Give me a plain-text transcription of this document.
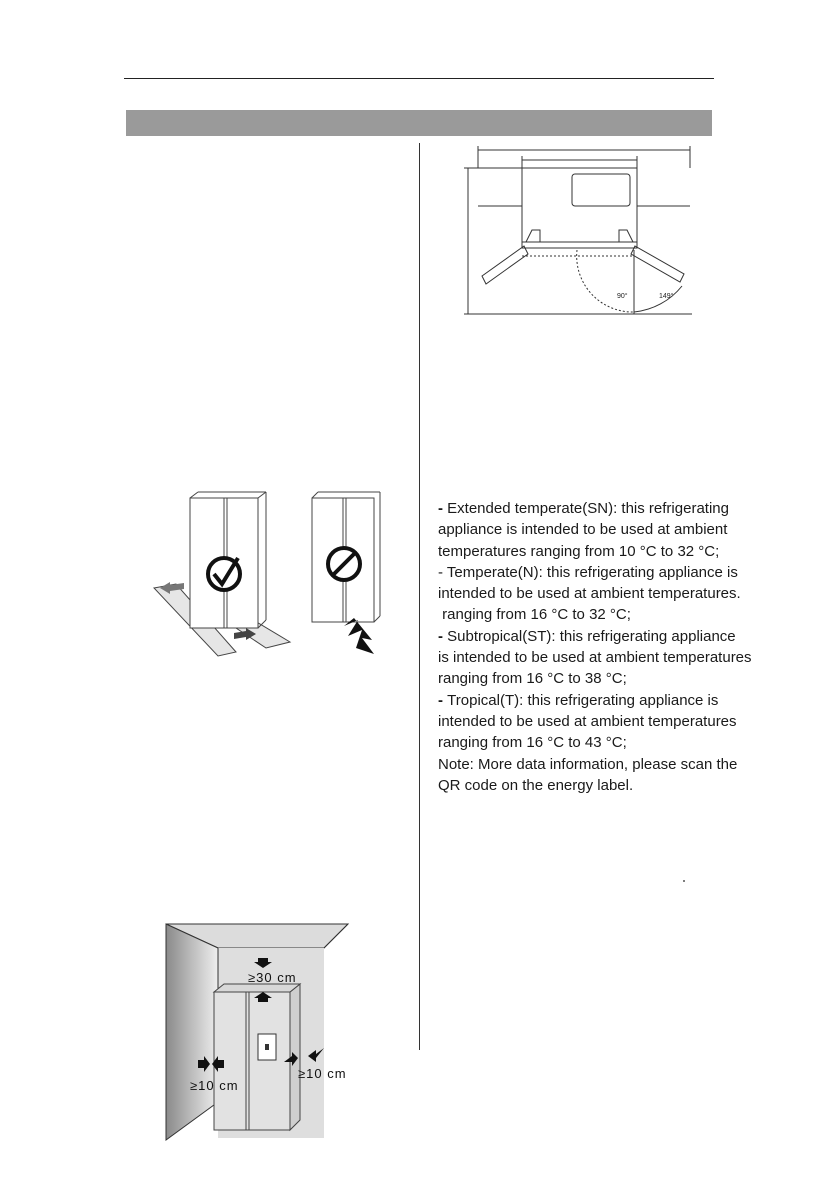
90°	149°
≥30 cm
≥10 cm
≥10 cm
- Extended temperate(SN): this refrigerating
appliance is intended to be used at ambient
temperatures ranging from 10 °C to 32 °C;
- Temperate(N): this refrigerating appliance is
intended to be used at ambient temperatures.
ranging from 16 °C to 32 °C;
- Subtropical(ST): this refrigerating appliance
is intended to be used at ambient temperatures
ranging from 16 °C to 38 °C;
- Tropical(T): this refrigerating appliance is
intended to be used at ambient temperatures
ranging from 16 °C to 43 °C;
Note: More data information, please scan the
QR code on the energy label.
